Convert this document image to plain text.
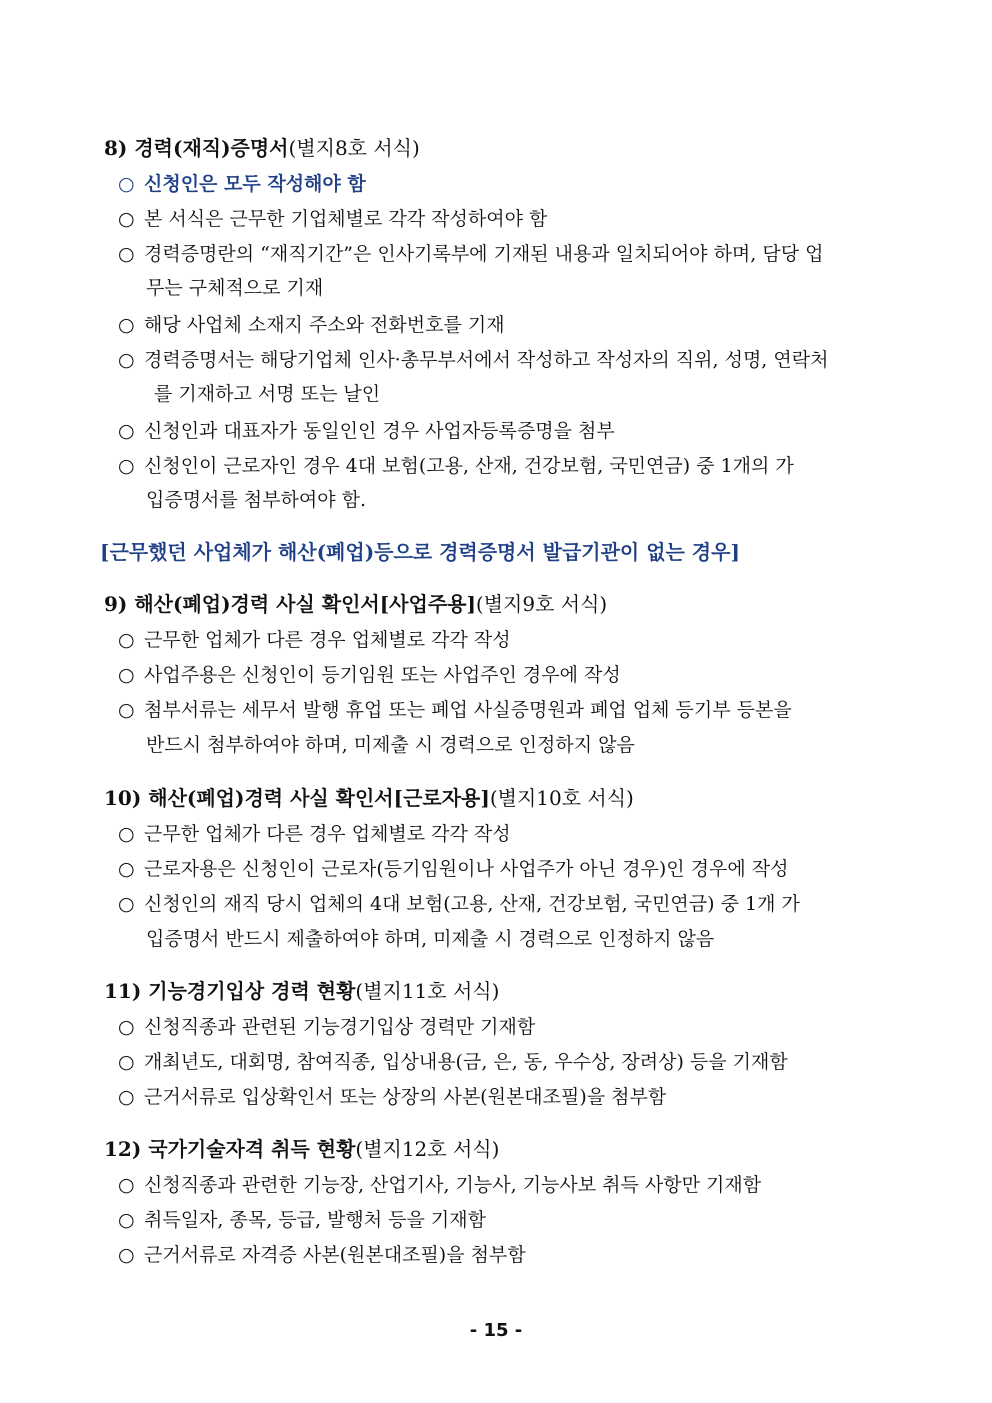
8) 경력(재직)증명서(별지8호 서식)
○ 신청인은 모두 작성해야 함
○ 본 서식은 근무한 기업체별로 각각 작성하여야 함
○ 경력증명란의 “재직기간”은 인사기록부에 기재된 내용과 일치되어야 하며, 담당 업
무는 구체적으로 기재
○ 해당 사업체 소재지 주소와 전화번호를 기재
○ 경력증명서는 해당기업체 인사·총무부서에서 작성하고 작성자의 직위, 성명, 연락처
를 기재하고 서명 또는 날인
○ 신청인과 대표자가 동일인인 경우 사업자등록증명을 첨부
○ 신청인이 근로자인 경우 4대 보험(고용, 산재, 건강보험, 국민연금) 중 1개의 가
입증명서를 첨부하여야 함.
[근무했던 사업체가 해산(폐업)등으로 경력증명서 발급기관이 없는 경우]
9) 해산(폐업)경력 사실 확인서[사업주용](별지9호 서식)
○ 근무한 업체가 다른 경우 업체별로 각각 작성
○ 사업주용은 신청인이 등기임원 또는 사업주인 경우에 작성
○ 첨부서류는 세무서 발행 휴업 또는 폐업 사실증명원과 폐업 업체 등기부 등본을
반드시 첨부하여야 하며, 미제출 시 경력으로 인정하지 않음
10) 해산(폐업)경력 사실 확인서[근로자용](별지10호 서식)
○ 근무한 업체가 다른 경우 업체별로 각각 작성
○ 근로자용은 신청인이 근로자(등기임원이나 사업주가 아닌 경우)인 경우에 작성
○ 신청인의 재직 당시 업체의 4대 보험(고용, 산재, 건강보험, 국민연금) 중 1개 가
입증명서 반드시 제출하여야 하며, 미제출 시 경력으로 인정하지 않음
11) 기능경기입상 경력 현황(별지11호 서식)
○ 신청직종과 관련된 기능경기입상 경력만 기재함
○ 개최년도, 대회명, 참여직종, 입상내용(금, 은, 동, 우수상, 장려상) 등을 기재함
○ 근거서류로 입상확인서 또는 상장의 사본(원본대조필)을 첨부함
12) 국가기술자격 취득 현황(별지12호 서식)
○ 신청직종과 관련한 기능장, 산업기사, 기능사, 기능사보 취득 사항만 기재함
○ 취득일자, 종목, 등급, 발행처 등을 기재함
○ 근거서류로 자격증 사본(원본대조필)을 첨부함
- 15 -
